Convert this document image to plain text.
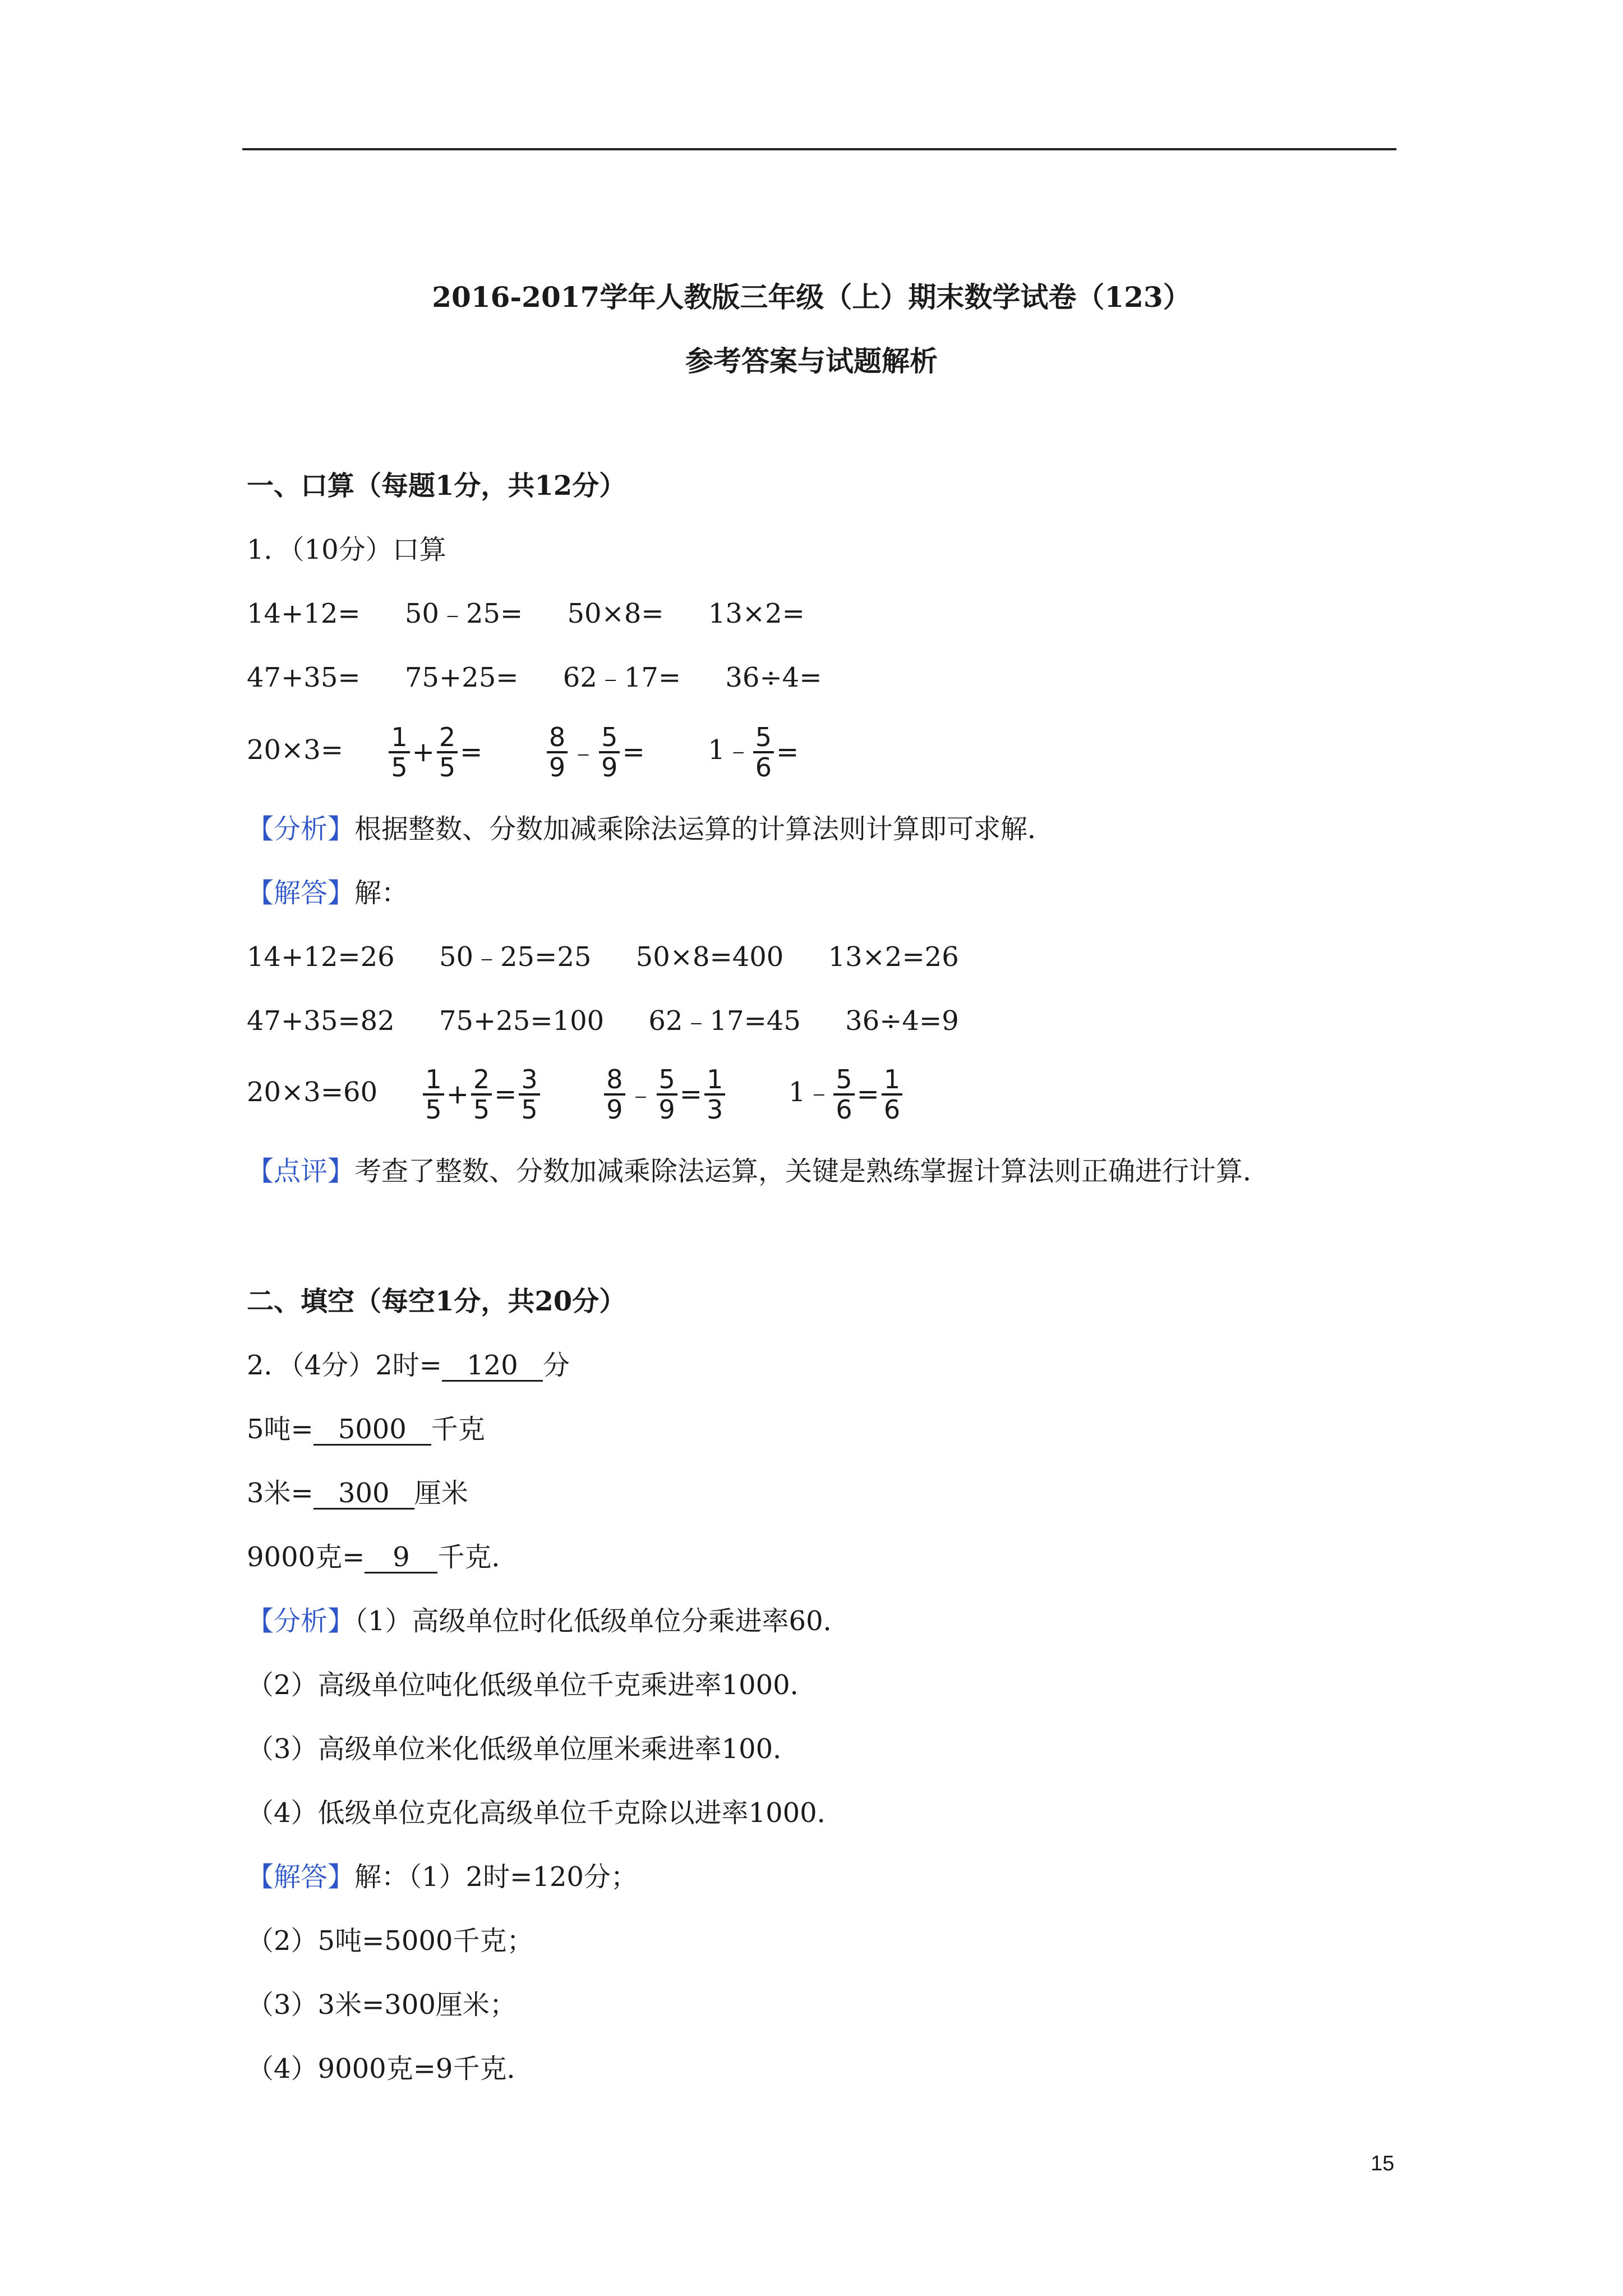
2016-2017学年人教版三年级（上）期末数学试卷（123）
参考答案与试题解析
一、口算（每题1分，共12分）
1．（10分）口算
14+12= 50﹣25= 50×8= 13×2=
47+35= 75+25= 62﹣17= 36÷4=
$20\times 3= \frac{1}{5} + \frac{2}{5} = \frac{8}{9}$ ﹣ $\frac{5}{9}$ = 1﹣ $\frac{5}{6}$ =
【分析】根据整数、分数加减乘除法运算的计算法则计算即可求解．
【解答】解：
14+12=26 50﹣25=25 50×8=400 13×2=26
47+35=82 75+25=100 62﹣17=45 36÷4=9
$20\times 3=60 \frac{1}{5} + \frac{2}{5} = \frac{3}{5}$
$\frac{8}{9}$ ﹣ $\frac{5}{9} = \frac{1}{3}$ 1﹣ $\frac{5}{6} = \frac{1}{6}$
【点评】考查了整数、分数加减乘除法运算，关键是熟练掌握计算法则正确进行计算．
二、填空（每空1分，共20分）
2．（4分）2时= 120 分
5吨= 5000 千克
3米= 300 厘米
9000克= 9 千克．
【分析】（1）高级单位时化低级单位分乘进率60．
（2）高级单位吨化低级单位千克乘进率1000．
（3）高级单位米化低级单位厘米乘进率100．
（4）低级单位克化高级单位千克除以进率1000．
【解答】解：（1）2时=120分；
（2）5吨=5000千克；
（3）3米=300厘米；
（4）9000克=9千克．
15
